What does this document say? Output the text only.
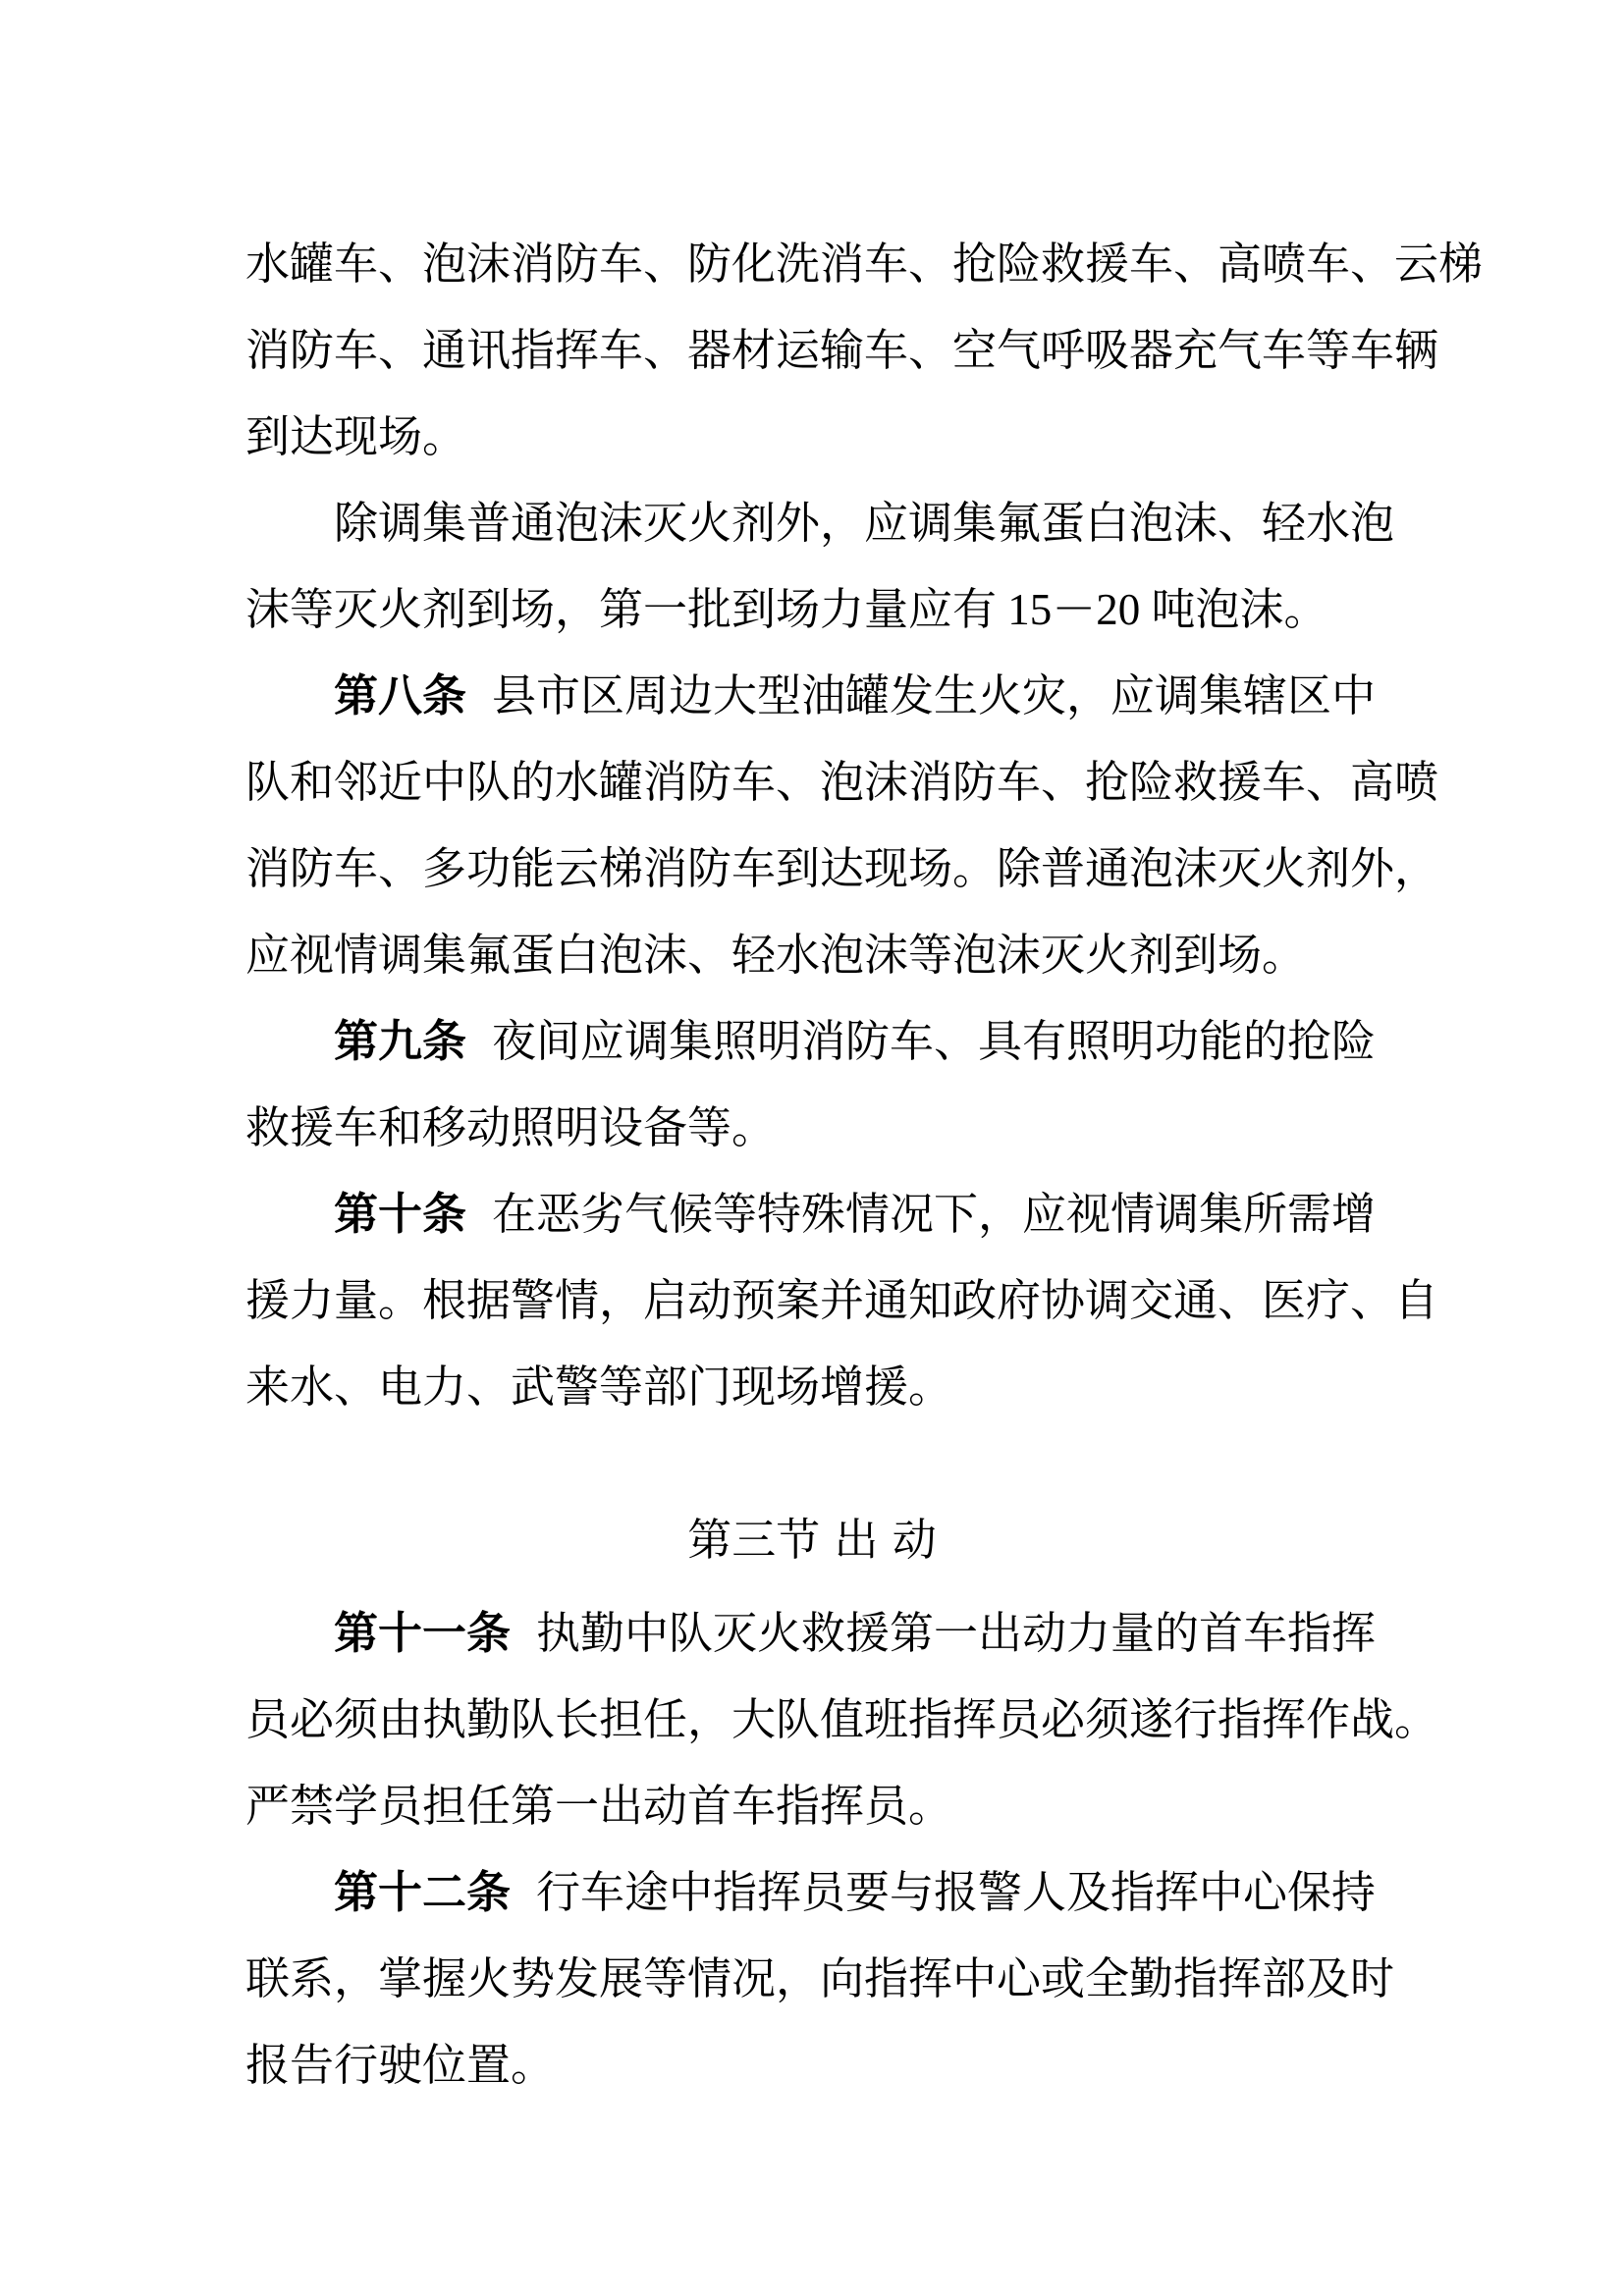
水罐车、泡沫消防车、防化洗消车、抢险救援车、高喷车、云梯
消防车、通讯指挥车、器材运输车、空气呼吸器充气车等车辆
到达现场。
除调集普通泡沫灭火剂外，应调集氟蛋白泡沫、轻水泡
沫等灭火剂到场，第一批到场力量应有 15－20 吨泡沫。
第八条 县市区周边大型油罐发生火灾，应调集辖区中
队和邻近中队的水罐消防车、泡沫消防车、抢险救援车、高喷
消防车、多功能云梯消防车到达现场。除普通泡沫灭火剂外，
应视情调集氟蛋白泡沫、轻水泡沫等泡沫灭火剂到场。
第九条 夜间应调集照明消防车、具有照明功能的抢险
救援车和移动照明设备等。
第十条 在恶劣气候等特殊情况下，应视情调集所需增
援力量。根据警情，启动预案并通知政府协调交通、医疗、自
来水、电力、武警等部门现场增援。
第三节 出 动
第十一条 执勤中队灭火救援第一出动力量的首车指挥
员必须由执勤队长担任，大队值班指挥员必须遂行指挥作战。
严禁学员担任第一出动首车指挥员。
第十二条 行车途中指挥员要与报警人及指挥中心保持
联系，掌握火势发展等情况，向指挥中心或全勤指挥部及时
报告行驶位置。
